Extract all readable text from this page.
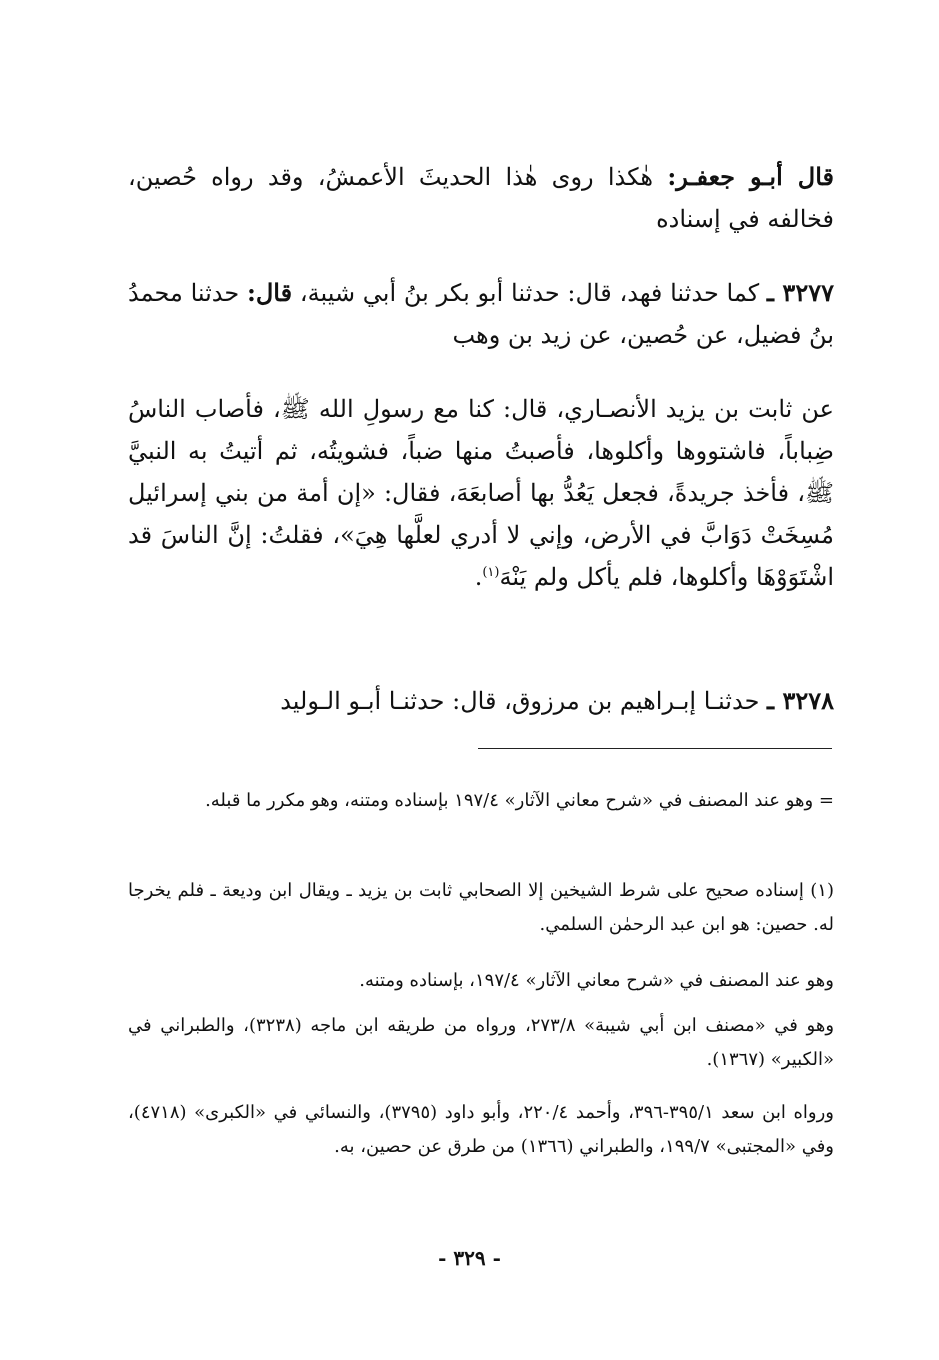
قال أبـو جعفـر: هٰكذا روى هٰذا الحديثَ الأعمشُ، وقد رواه حُصين، فخالفه في إسناده
٣٢٧٧ ـ كما حدثنا فهد، قال: حدثنا أبو بكر بنُ أبي شيبة، قال: حدثنا محمدُ بنُ فضيل، عن حُصين، عن زيد بن وهب
عن ثابت بن يزيد الأنصـاري، قال: كنا مع رسولِ الله ﷺ، فأصاب الناسُ ضِباباً، فاشتووها وأكلوها، فأصبتُ منها ضباً، فشويتُه، ثم أتيتُ به النبيَّ ﷺ، فأخذ جريدةً، فجعل يَعُدُّ بها أصابعَهَ، فقال: «إن أمة من بني إسرائيل مُسِخَتْ دَوَابَّ في الأرض، وإني لا أدري لعلَّها هِيَ»، فقلتُ: إنَّ الناسَ قد اشْتَوَوْهَا وأكلوها، فلم يأكل ولم يَنْهَ$^{(١)}$.
٣٢٧٨ ـ حدثنـا إبـراهيم بن مرزوق، قال: حدثنـا أبـو الـوليد
= وهو عند المصنف في «شرح معاني الآثار» ١٩٧/٤ بإسناده ومتنه، وهو مكرر ما قبله.
(١) إسناده صحيح على شرط الشيخين إلا الصحابي ثابت بن يزيد ـ ويقال ابن وديعة ـ فلم يخرجا له. حصين: هو ابن عبد الرحمٰن السلمي.
وهو عند المصنف في «شرح معاني الآثار» ١٩٧/٤، بإسناده ومتنه.
وهو في «مصنف ابن أبي شيبة» ٢٧٣/٨، ورواه من طريقه ابن ماجه (٣٢٣٨)، والطبراني في «الكبير» (١٣٦٧).
ورواه ابن سعد ٣٩٥/١-٣٩٦، وأحمد ٢٢٠/٤، وأبو داود (٣٧٩٥)، والنسائي في «الكبرى» (٤٧١٨)، وفي «المجتبى» ١٩٩/٧، والطبراني (١٣٦٦) من طرق عن حصين، به.
- ٣٢٩ -
